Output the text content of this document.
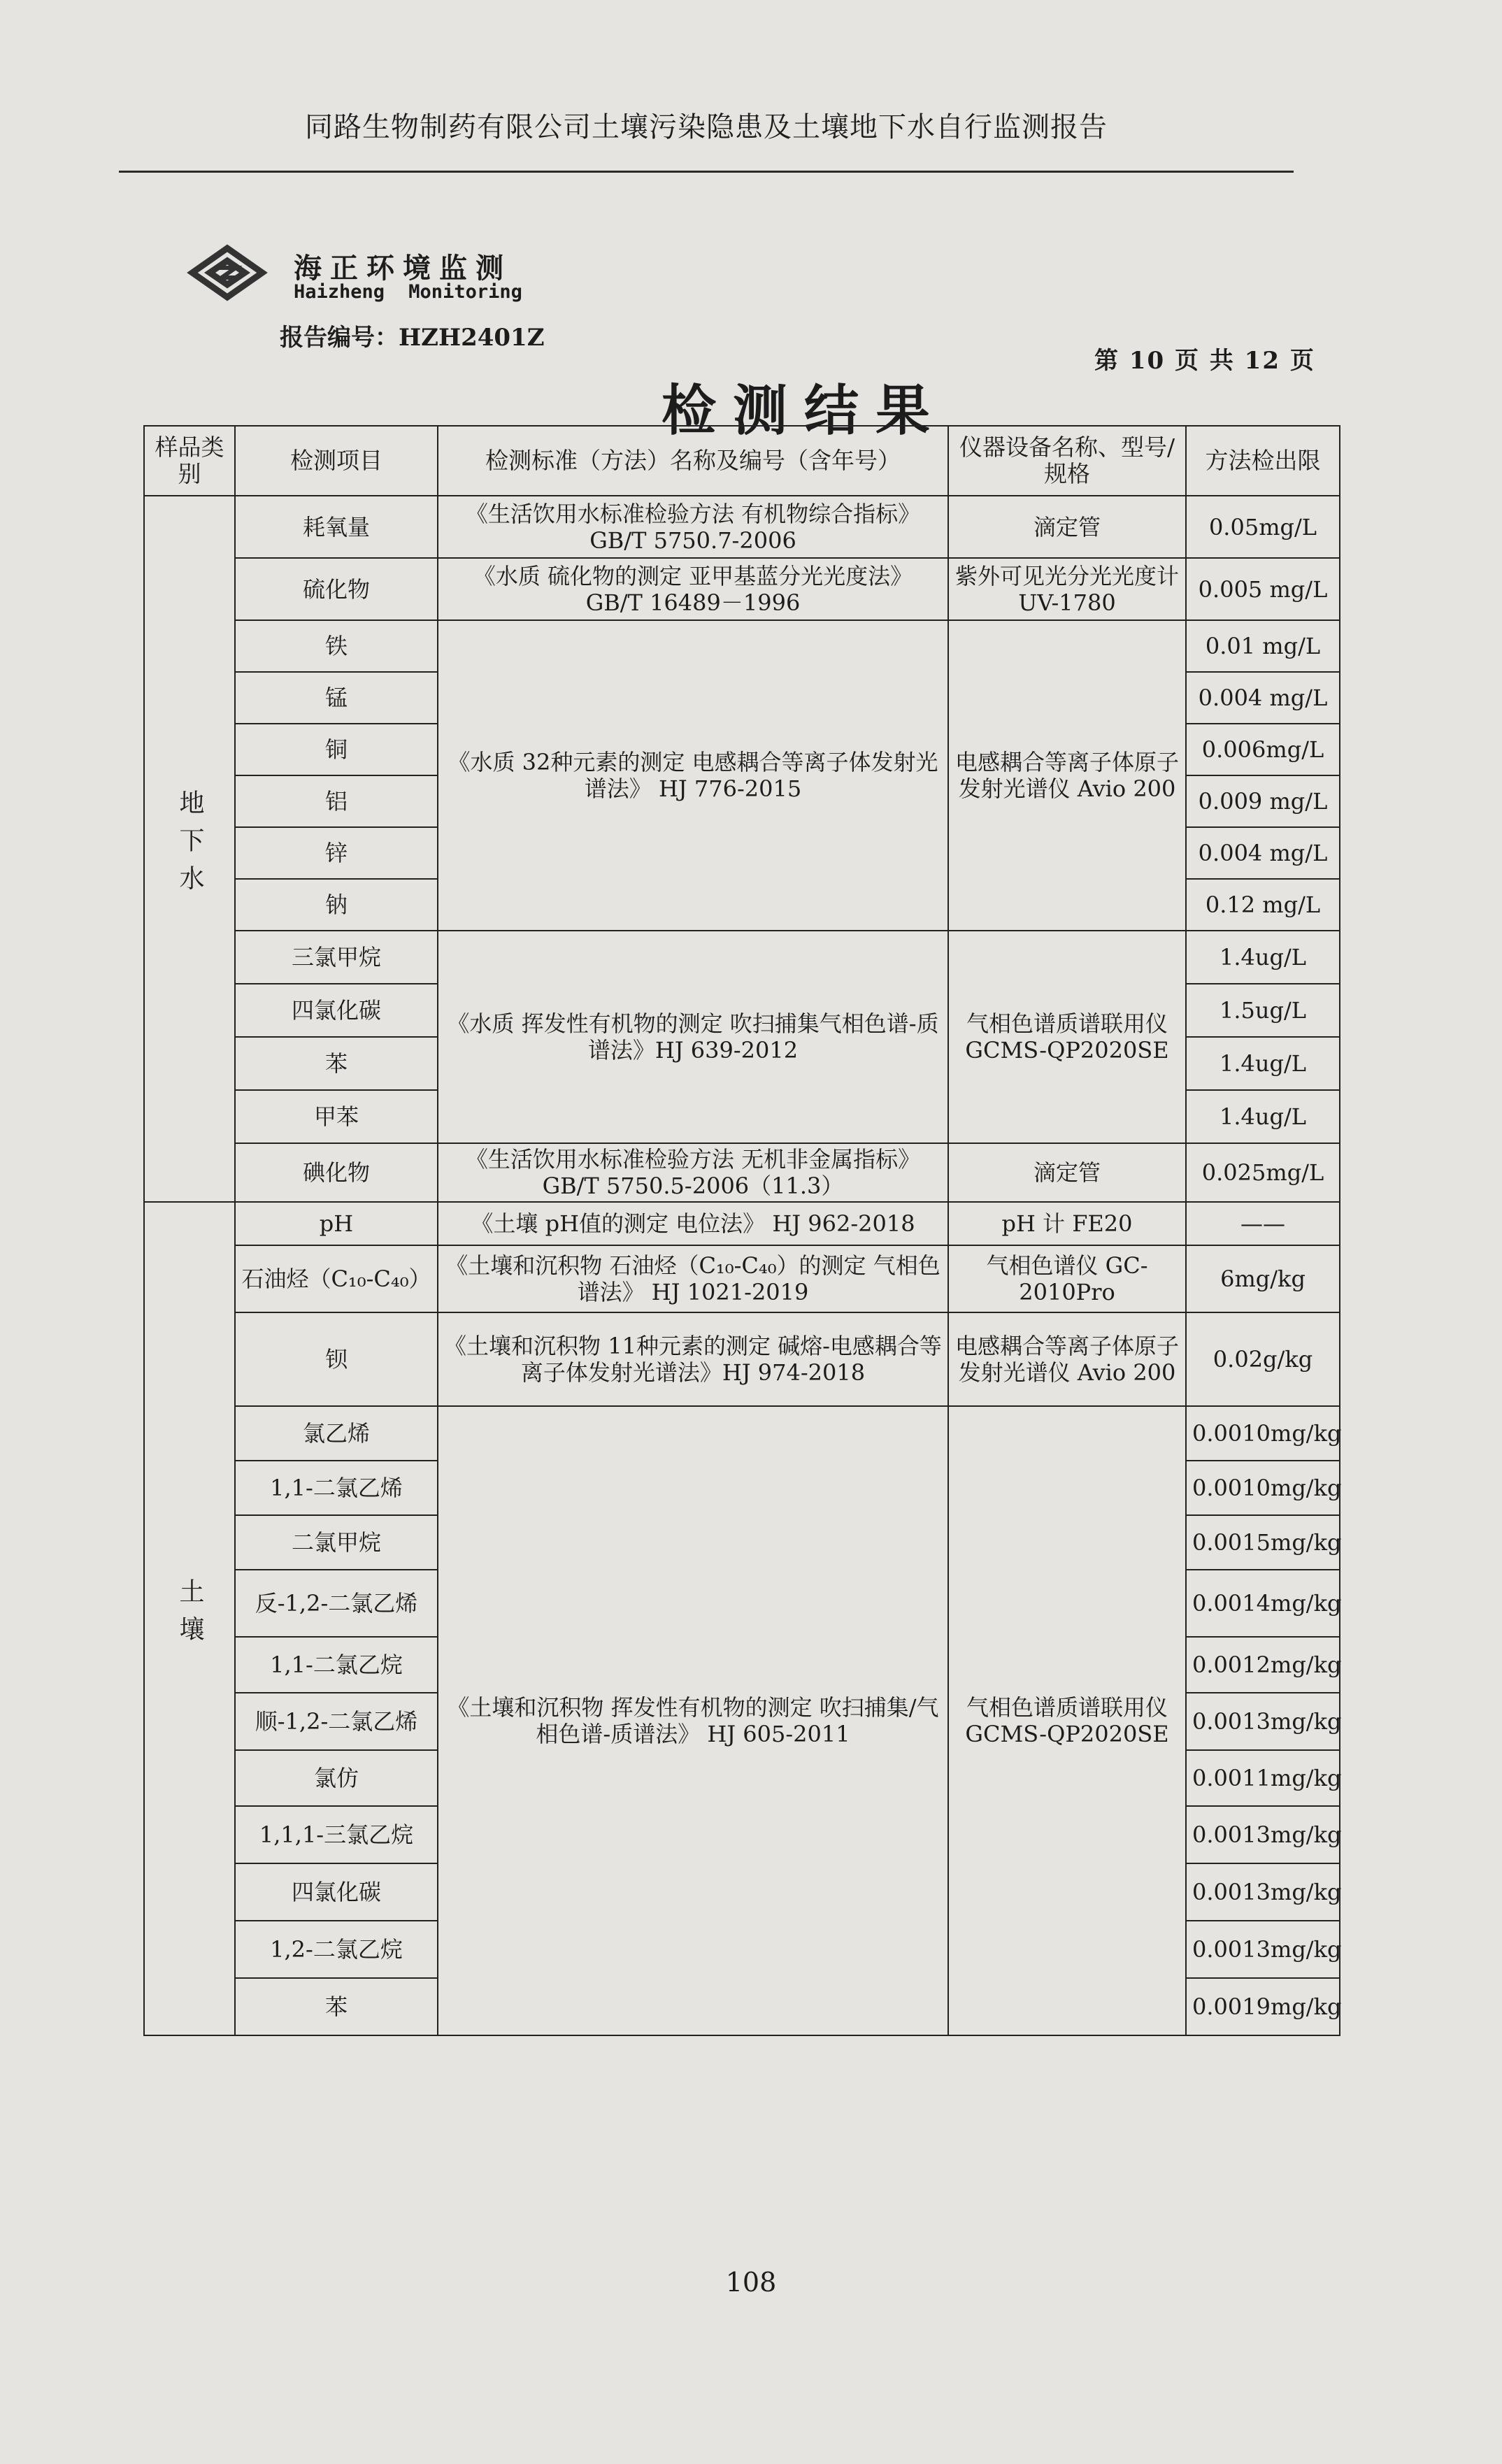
同路生物制药有限公司土壤污染隐患及土壤地下水自行监测报告
海正环境监测
Haizheng Monitoring
报告编号：HZH2401Z
第 10 页 共 12 页
检测结果
样品类别	检测项目	检测标准（方法）名称及编号（含年号）	仪器设备名称、型号/规格	方法检出限
地下水	耗氧量	《生活饮用水标准检验方法 有机物综合指标》GB/T 5750.7-2006	滴定管	0.05mg/L
	硫化物	《水质 硫化物的测定 亚甲基蓝分光光度法》 GB/T 16489－1996	紫外可见光分光光度计 UV-1780	0.005 mg/L
	铁	《水质 32种元素的测定 电感耦合等离子体发射光谱法》 HJ 776-2015	电感耦合等离子体原子发射光谱仪 Avio 200	0.01 mg/L
	锰			0.004 mg/L
	铜			0.006mg/L
	铝			0.009 mg/L
	锌			0.004 mg/L
	钠			0.12 mg/L
	三氯甲烷	《水质 挥发性有机物的测定 吹扫捕集气相色谱-质谱法》HJ 639-2012	气相色谱质谱联用仪 GCMS-QP2020SE	1.4ug/L
	四氯化碳			1.5ug/L
	苯			1.4ug/L
	甲苯			1.4ug/L
	碘化物	《生活饮用水标准检验方法 无机非金属指标》GB/T 5750.5-2006（11.3）	滴定管	0.025mg/L
土壤	pH	《土壤 pH值的测定 电位法》 HJ 962-2018	pH 计 FE20	——
	石油烃（C₁₀-C₄₀）	《土壤和沉积物 石油烃（C₁₀-C₄₀）的测定 气相色谱法》 HJ 1021-2019	气相色谱仪 GC-2010Pro	6mg/kg
	钡	《土壤和沉积物 11种元素的测定 碱熔-电感耦合等离子体发射光谱法》HJ 974-2018	电感耦合等离子体原子发射光谱仪 Avio 200	0.02g/kg
	氯乙烯	《土壤和沉积物 挥发性有机物的测定 吹扫捕集/气相色谱-质谱法》 HJ 605-2011	气相色谱质谱联用仪 GCMS-QP2020SE	0.0010mg/kg
	1,1-二氯乙烯			0.0010mg/kg
	二氯甲烷			0.0015mg/kg
	反-1,2-二氯乙烯			0.0014mg/kg
	1,1-二氯乙烷			0.0012mg/kg
	顺-1,2-二氯乙烯			0.0013mg/kg
	氯仿			0.0011mg/kg
	1,1,1-三氯乙烷			0.0013mg/kg
	四氯化碳			0.0013mg/kg
	1,2-二氯乙烷			0.0013mg/kg
	苯			0.0019mg/kg
108
